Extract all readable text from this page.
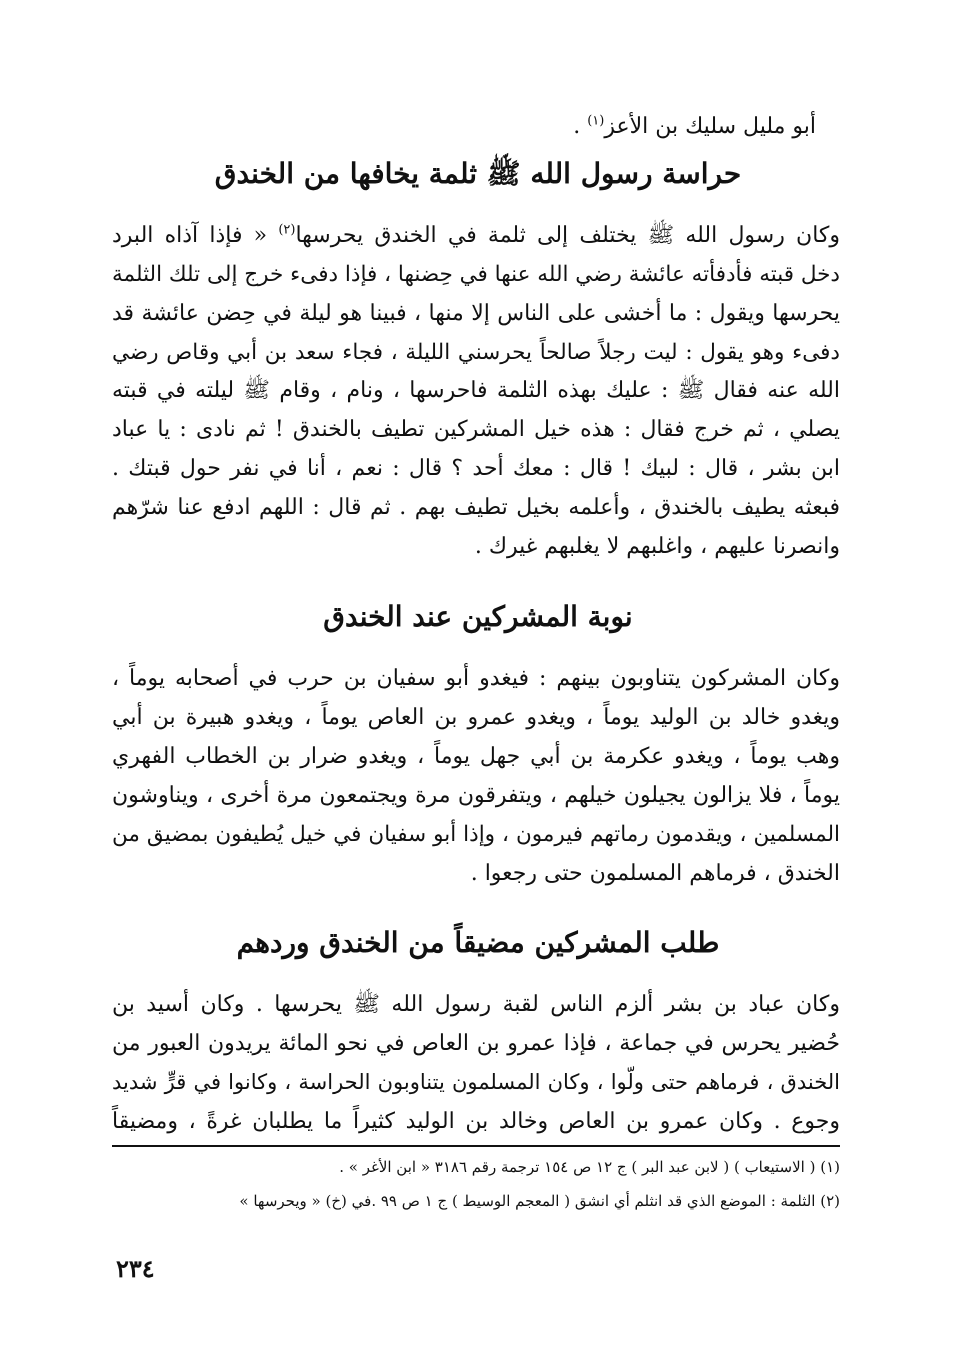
أبو مليل سليك بن الأعز$^{(١)}$ .
حراسة رسول الله ﷺ ثلمة يخافها من الخندق
وكان رسول الله ﷺ يختلف إلى ثلمة في الخندق يحرسها$^{(٢)}$ « فإذا آذاه البرد
دخل قبته فأدفأته عائشة رضي الله عنها في حِضنها ، فإذا دفىء خرج إلى تلك الثلمة
يحرسها ويقول : ما أخشى على الناس إلا منها ، فبينا هو ليلة في حِضن عائشة قد
دفىء وهو يقول : ليت رجلاً صالحاً يحرسني الليلة ، فجاء سعد بن أبي وقاص رضي
الله عنه فقال ﷺ : عليك بهذه الثلمة فاحرسها ، ونام ، وقام ﷺ ليلته في قبته
يصلي ، ثم خرج فقال : هذه خيل المشركين تطيف بالخندق ! ثم نادى : يا عباد
ابن بشر ، قال : لبيك ! قال : معك أحد ؟ قال : نعم ، أنا في نفر حول قبتك .
فبعثه يطيف بالخندق ، وأعلمه بخيل تطيف بهم . ثم قال : اللهم ادفع عنا شرّهم
وانصرنا عليهم ، واغلبهم لا يغلبهم غيرك .
نوبة المشركين عند الخندق
وكان المشركون يتناوبون بينهم : فيغدو أبو سفيان بن حرب في أصحابه يوماً ،
ويغدو خالد بن الوليد يوماً ، ويغدو عمرو بن العاص يوماً ، ويغدو هبيرة بن أبي
وهب يوماً ، ويغدو عكرمة بن أبي جهل يوماً ، ويغدو ضرار بن الخطاب الفهري
يوماً ، فلا يزالون يجيلون خيلهم ، ويتفرقون مرة ويجتمعون مرة أخرى ، ويناوشون
المسلمين ، ويقدمون رماتهم فيرمون ، وإذا أبو سفيان في خيل يُطيفون بمضيق من
الخندق ، فرماهم المسلمون حتى رجعوا .
طلب المشركين مضيقاً من الخندق وردهم
وكان عباد بن بشر ألزم الناس لقبة رسول الله ﷺ يحرسها . وكان أسيد بن
حُضير يحرس في جماعة ، فإذا عمرو بن العاص في نحو المائة يريدون العبور من
الخندق ، فرماهم حتى ولّوا ، وكان المسلمون يتناوبون الحراسة ، وكانوا في قرٍّ شديد
وجوع . وكان عمرو بن العاص وخالد بن الوليد كثيراً ما يطلبان غرةً ، ومضيقاً
(١) ( الاستيعاب ) ( لابن عبد البر ) ج ١٢ ص ١٥٤ ترجمة رقم ٣١٨٦ « ابن الأغر » .
(٢) الثلمة : الموضع الذي قد انثلم أي انشق ( المعجم الوسيط ) ج ١ ص ٩٩ .في (خ) « ويحرسها »
٢٣٤
